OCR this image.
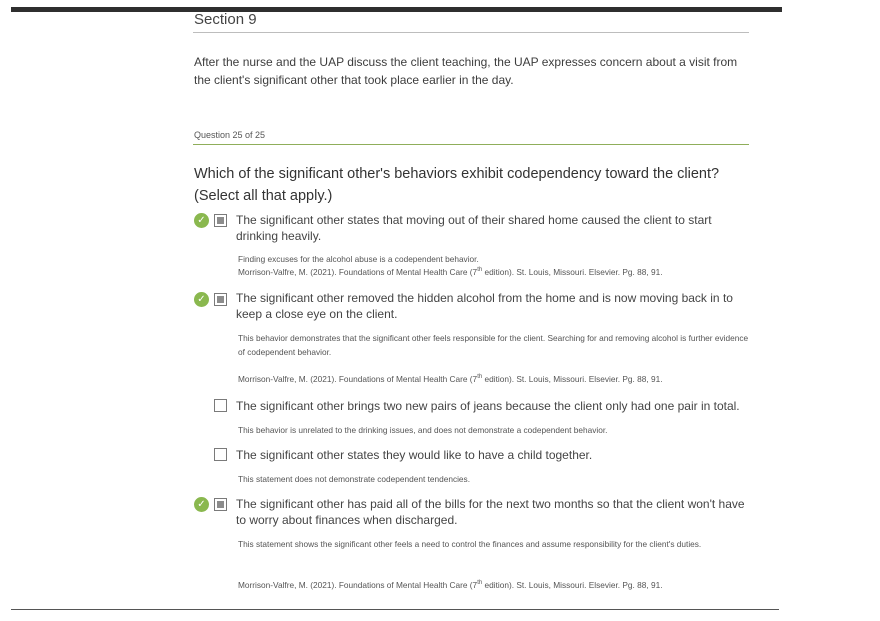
Section 9
After the nurse and the UAP discuss the client teaching, the UAP expresses concern about a visit from the client's significant other that took place earlier in the day.
Question 25 of 25
Which of the significant other's behaviors exhibit codependency toward the client? (Select all that apply.)
✓	The significant other states that moving out of their shared home caused the client to start drinking heavily.
Finding excuses for the alcohol abuse is a codependent behavior.
Morrison-Valfre, M. (2021). Foundations of Mental Health Care (7th edition). St. Louis, Missouri. Elsevier. Pg. 88, 91.
✓	The significant other removed the hidden alcohol from the home and is now moving back in to keep a close eye on the client.
This behavior demonstrates that the significant other feels responsible for the client. Searching for and removing alcohol is further evidence of codependent behavior.
Morrison-Valfre, M. (2021). Foundations of Mental Health Care (7th edition). St. Louis, Missouri. Elsevier. Pg. 88, 91.
The significant other brings two new pairs of jeans because the client only had one pair in total.
This behavior is unrelated to the drinking issues, and does not demonstrate a codependent behavior.
The significant other states they would like to have a child together.
This statement does not demonstrate codependent tendencies.
✓	The significant other has paid all of the bills for the next two months so that the client won't have to worry about finances when discharged.
This statement shows the significant other feels a need to control the finances and assume responsibility for the client's duties.
Morrison-Valfre, M. (2021). Foundations of Mental Health Care (7th edition). St. Louis, Missouri. Elsevier. Pg. 88, 91.
